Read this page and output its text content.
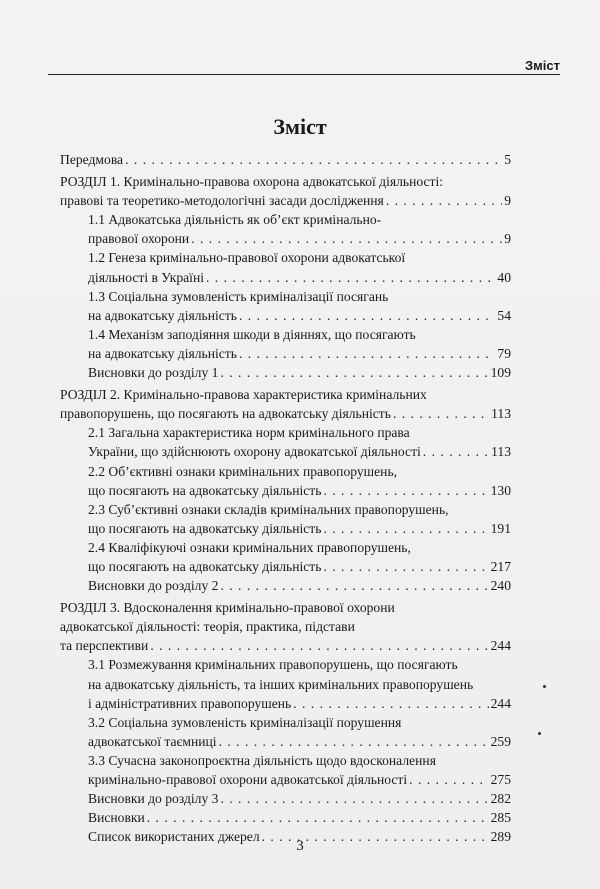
Зміст
Зміст
Передмова . . .	5
РОЗДІЛ 1. Кримінально-правова охорона адвокатської діяльності:
правові та теоретико-методологічні засади дослідження . . .	9
1.1 Адвокатська діяльність як об’єкт кримінально-
правової охорони . . .	9
1.2 Генеза кримінально-правової охорони адвокатської
діяльності в Україні . . .	40
1.3 Соціальна зумовленість криміналізації посягань
на адвокатську діяльність . . .	54
1.4 Механізм заподіяння шкоди в діяннях, що посягають
на адвокатську діяльність . . .	79
Висновки до розділу 1 . . .	109
РОЗДІЛ 2. Кримінально-правова характеристика кримінальних
правопорушень, що посягають на адвокатську діяльність . . .	113
2.1 Загальна характеристика норм кримінального права
України, що здійснюють охорону адвокатської діяльності . . .	113
2.2 Об’єктивні ознаки кримінальних правопорушень,
що посягають на адвокатську діяльність . . .	130
2.3 Суб’єктивні ознаки складів кримінальних правопорушень,
що посягають на адвокатську діяльність . . .	191
2.4 Кваліфікуючі ознаки кримінальних правопорушень,
що посягають на адвокатську діяльність . . .	217
Висновки до розділу 2 . . .	240
РОЗДІЛ 3. Вдосконалення кримінально-правової охорони
адвокатської діяльності: теорія, практика, підстави
та перспективи . . .	244
3.1 Розмежування кримінальних правопорушень, що посягають
на адвокатську діяльність, та інших кримінальних правопорушень
і адміністративних правопорушень . . .	244
3.2 Соціальна зумовленість криміналізації порушення
адвокатської таємниці . . .	259
3.3 Сучасна законопроєктна діяльність щодо вдосконалення
кримінально-правової охорони адвокатської діяльності . . .	275
Висновки до розділу 3 . . .	282
Висновки . . .	285
Список використаних джерел . . .	289
3
